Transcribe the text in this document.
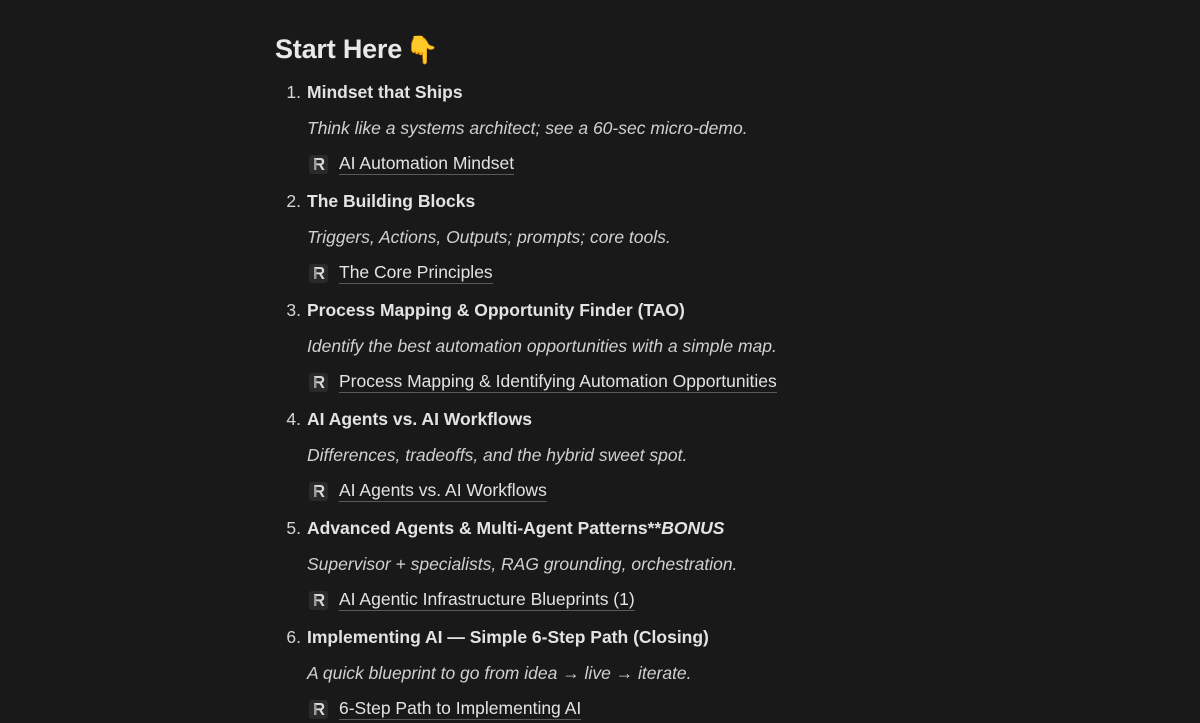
Start Here 👇
1. Mindset that Ships
Think like a systems architect; see a 60-sec micro-demo.
AI Automation Mindset
2. The Building Blocks
Triggers, Actions, Outputs; prompts; core tools.
The Core Principles
3. Process Mapping & Opportunity Finder (TAO)
Identify the best automation opportunities with a simple map.
Process Mapping & Identifying Automation Opportunities
4. AI Agents vs. AI Workflows
Differences, tradeoffs, and the hybrid sweet spot.
AI Agents vs. AI Workflows
5. Advanced Agents & Multi-Agent Patterns**BONUS
Supervisor + specialists, RAG grounding, orchestration.
AI Agentic Infrastructure Blueprints (1)
6. Implementing AI — Simple 6-Step Path (Closing)
A quick blueprint to go from idea → live → iterate.
6-Step Path to Implementing AI
